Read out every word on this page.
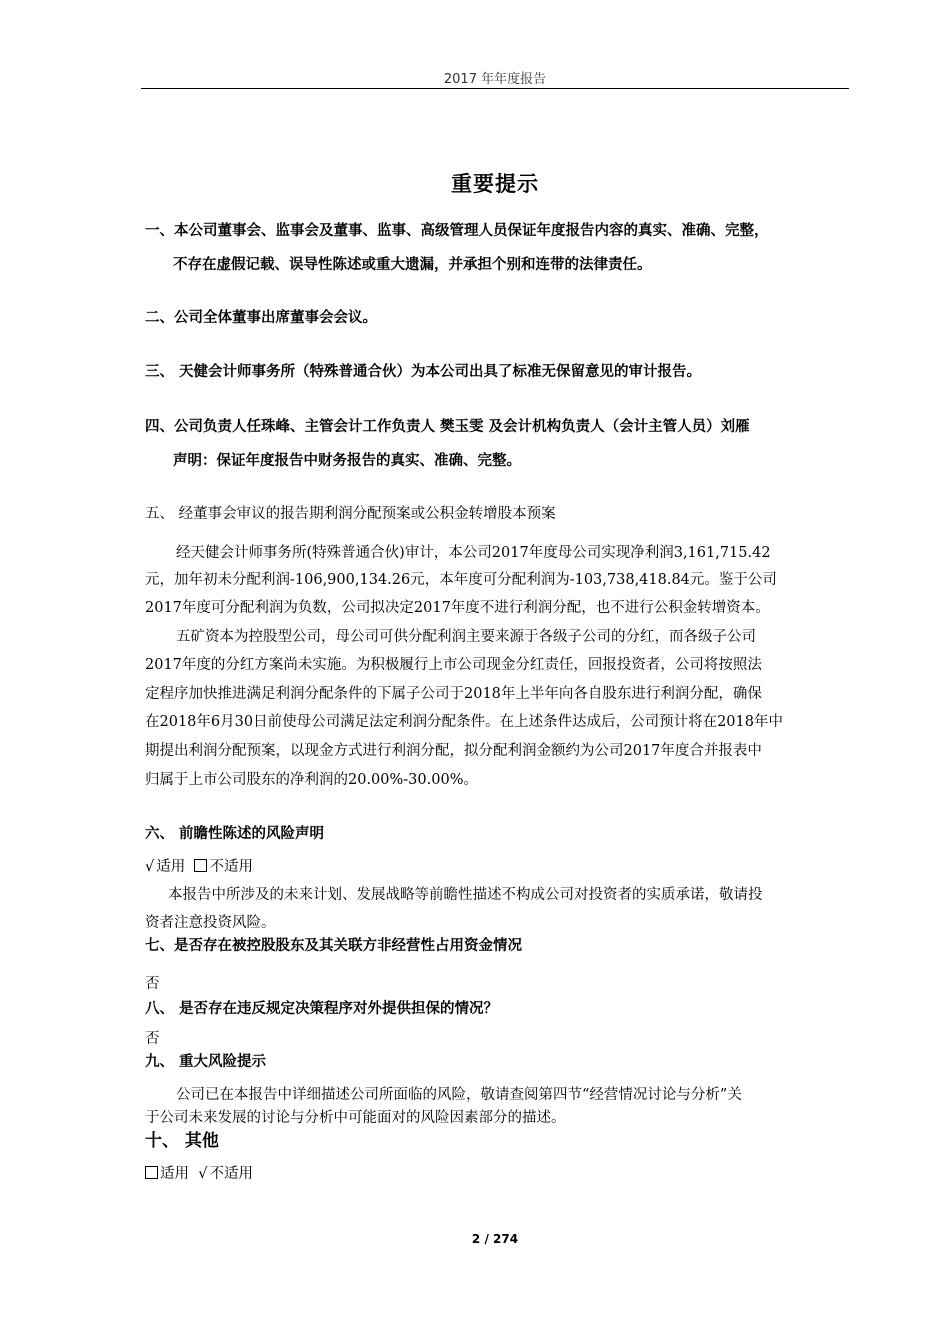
2017 年年度报告
重要提示
一、本公司董事会、监事会及董事、监事、高级管理人员保证年度报告内容的真实、准确、完整，
不存在虚假记载、误导性陈述或重大遗漏，并承担个别和连带的法律责任。
二、公司全体董事出席董事会会议。
三、 天健会计师事务所（特殊普通合伙）为本公司出具了标准无保留意见的审计报告。
四、公司负责人任珠峰、主管会计工作负责人 樊玉雯 及会计机构负责人（会计主管人员）刘雁
声明：保证年度报告中财务报告的真实、准确、完整。
五、 经董事会审议的报告期利润分配预案或公积金转增股本预案
经天健会计师事务所(特殊普通合伙)审计，本公司2017年度母公司实现净利润3,161,715.42
元，加年初未分配利润-106,900,134.26元，本年度可分配利润为-103,738,418.84元。鉴于公司
2017年度可分配利润为负数，公司拟决定2017年度不进行利润分配，也不进行公积金转增资本。
五矿资本为控股型公司，母公司可供分配利润主要来源于各级子公司的分红，而各级子公司
2017年度的分红方案尚未实施。为积极履行上市公司现金分红责任，回报投资者，公司将按照法
定程序加快推进满足利润分配条件的下属子公司于2018年上半年向各自股东进行利润分配，确保
在2018年6月30日前使母公司满足法定利润分配条件。在上述条件达成后，公司预计将在2018年中
期提出利润分配预案，以现金方式进行利润分配，拟分配利润金额约为公司2017年度合并报表中
归属于上市公司股东的净利润的20.00%-30.00%。
六、 前瞻性陈述的风险声明
√ 适用 不适用
本报告中所涉及的未来计划、发展战略等前瞻性描述不构成公司对投资者的实质承诺，敬请投
资者注意投资风险。
七、是否存在被控股股东及其关联方非经营性占用资金情况
否
八、 是否存在违反规定决策程序对外提供担保的情况？
否
九、 重大风险提示
公司已在本报告中详细描述公司所面临的风险，敬请查阅第四节“经营情况讨论与分析”关
于公司未来发展的讨论与分析中可能面对的风险因素部分的描述。
十、 其他
适用 √ 不适用
2 / 274
